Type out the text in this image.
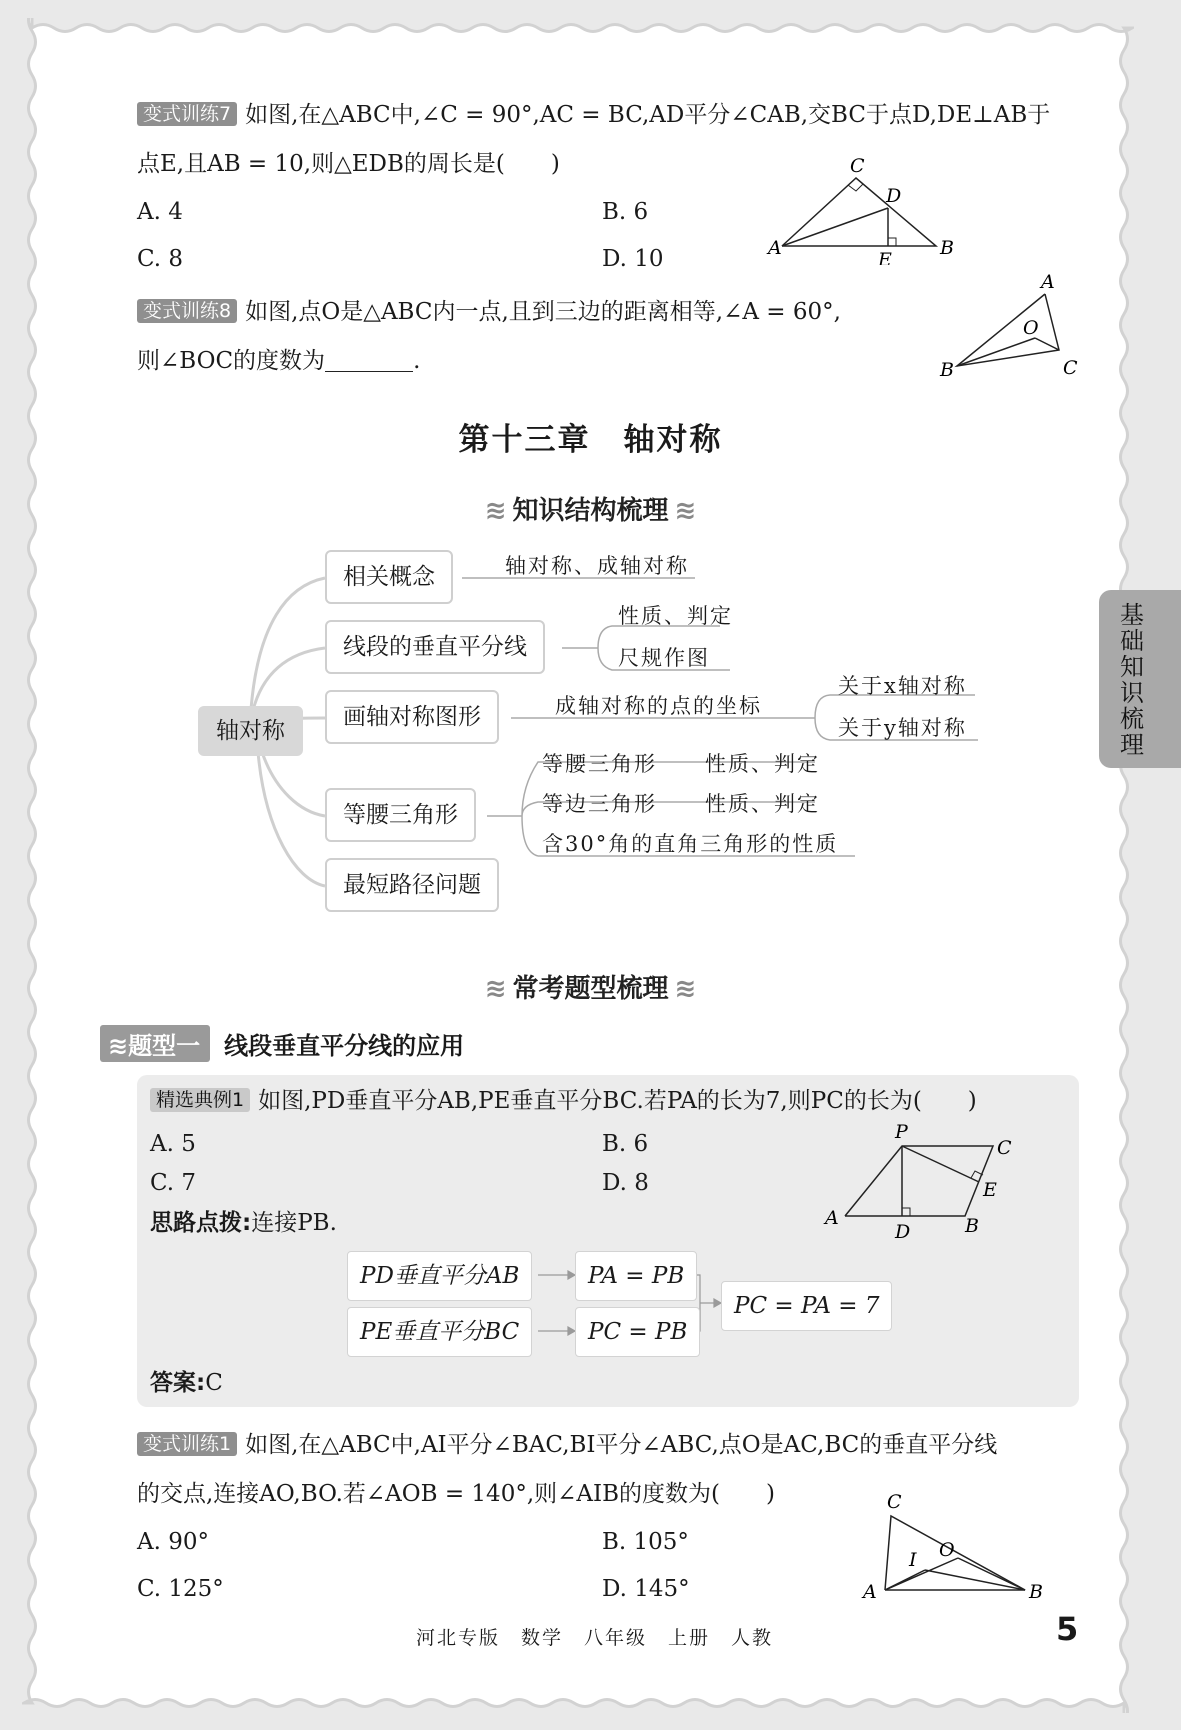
变式训练7 如图,在△ABC中,∠C = 90°,AC = BC,AD平分∠CAB,交BC于点D,DE⊥AB于
点E,且AB = 10,则△EDB的周长是(　　)
A. 4	B. 6
C. 8	D. 10
C
D
A
E
B
变式训练8 如图,点O是△ABC内一点,且到三边的距离相等,∠A = 60°,
则∠BOC的度数为	.
A
O
B	C
第十三章　轴对称
≋ 知识结构梳理 ≋
轴对称
相关概念	轴对称、成轴对称
线段的垂直平分线
性质、判定
尺规作图
画轴对称图形	成轴对称的点的坐标
关于x轴对称
关于y轴对称
等腰三角形
等腰三角形 性质、判定
等边三角形 性质、判定
含30°角的直角三角形的性质
最短路径问题
≋ 常考题型梳理 ≋
≋题型一 线段垂直平分线的应用
精选典例1 如图,PD垂直平分AB,PE垂直平分BC.若PA的长为7,则PC的长为(　　)
A. 5	B. 6
C. 7	D. 8
思路点拨:连接PB.
P
C
E
A
D	B
PD垂直平分AB	PA = PB
PE垂直平分BC	PC = PB
PC = PA = 7
答案:C
变式训练1 如图,在△ABC中,AI平分∠BAC,BI平分∠ABC,点O是AC,BC的垂直平分线
的交点,连接AO,BO.若∠AOB = 140°,则∠AIB的度数为(　　)
A. 90°	B. 105°
C. 125°	D. 145°
C
I O
A	B
基础知识梳理
河北专版　数学　八年级　上册　人教	5
